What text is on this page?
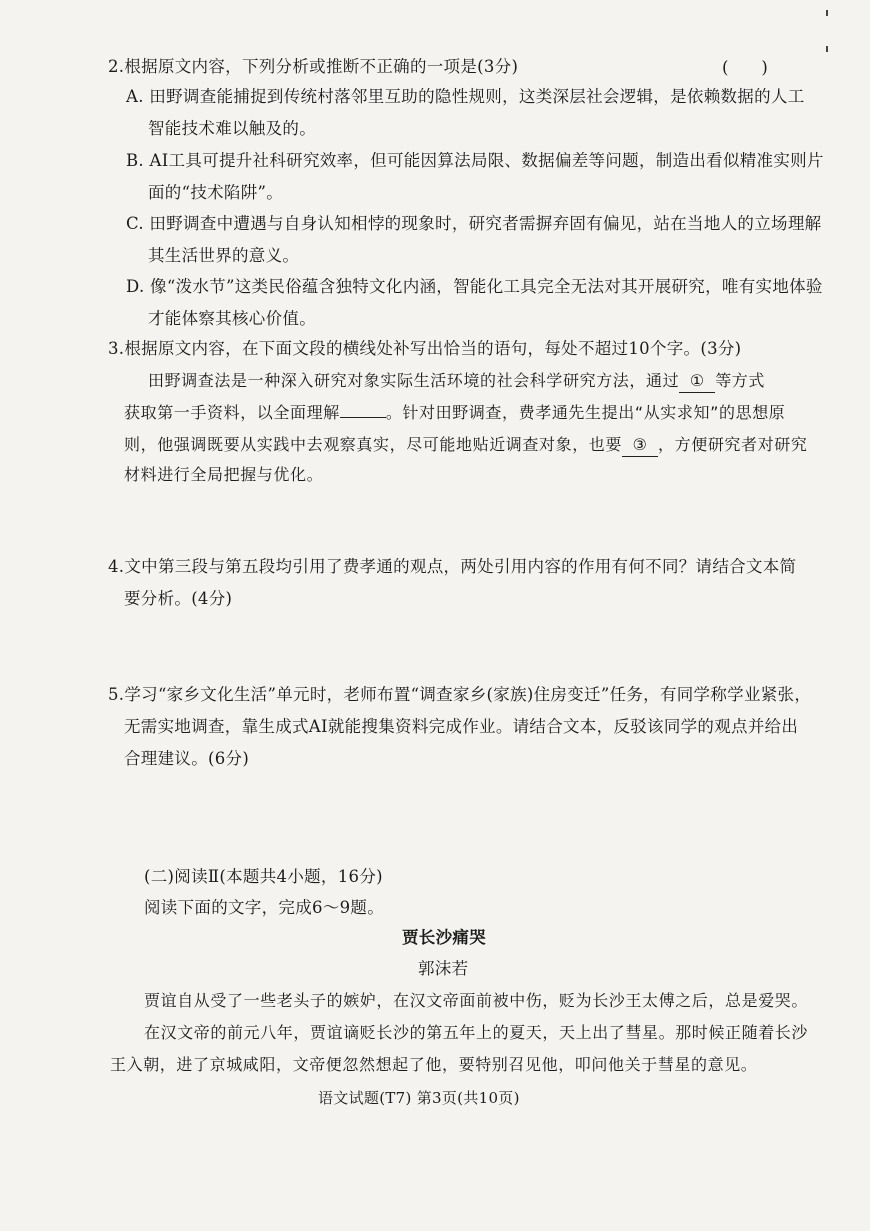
2.根据原文内容，下列分析或推断不正确的一项是(3分)	(　　)
A. 田野调查能捕捉到传统村落邻里互助的隐性规则，这类深层社会逻辑，是依赖数据的人工
智能技术难以触及的。
B. AI工具可提升社科研究效率，但可能因算法局限、数据偏差等问题，制造出看似精准实则片
面的“技术陷阱”。
C. 田野调查中遭遇与自身认知相悖的现象时，研究者需摒弃固有偏见，站在当地人的立场理解
其生活世界的意义。
D. 像“泼水节”这类民俗蕴含独特文化内涵，智能化工具完全无法对其开展研究，唯有实地体验
才能体察其核心价值。
3.根据原文内容，在下面文段的横线处补写出恰当的语句，每处不超过10个字。(3分)
田野调查法是一种深入研究对象实际生活环境的社会科学研究方法，通过 ① 等方式
获取第一手资料，以全面理解	。针对田野调查，费孝通先生提出“从实求知”的思想原
则，他强调既要从实践中去观察真实，尽可能地贴近调查对象，也要 ③ ，方便研究者对研究
材料进行全局把握与优化。
4.文中第三段与第五段均引用了费孝通的观点，两处引用内容的作用有何不同？请结合文本简
要分析。(4分)
5.学习“家乡文化生活”单元时，老师布置“调查家乡(家族)住房变迁”任务，有同学称学业紧张，
无需实地调查，靠生成式AI就能搜集资料完成作业。请结合文本，反驳该同学的观点并给出
合理建议。(6分)
(二)阅读Ⅱ(本题共4小题，16分)
阅读下面的文字，完成6～9题。
贾长沙痛哭
郭沫若
贾谊自从受了一些老头子的嫉妒，在汉文帝面前被中伤，贬为长沙王太傅之后，总是爱哭。
在汉文帝的前元八年，贾谊谪贬长沙的第五年上的夏天，天上出了彗星。那时候正随着长沙
王入朝，进了京城咸阳，文帝便忽然想起了他，要特别召见他，叩问他关于彗星的意见。
语文试题(T7) 第3页(共10页)
